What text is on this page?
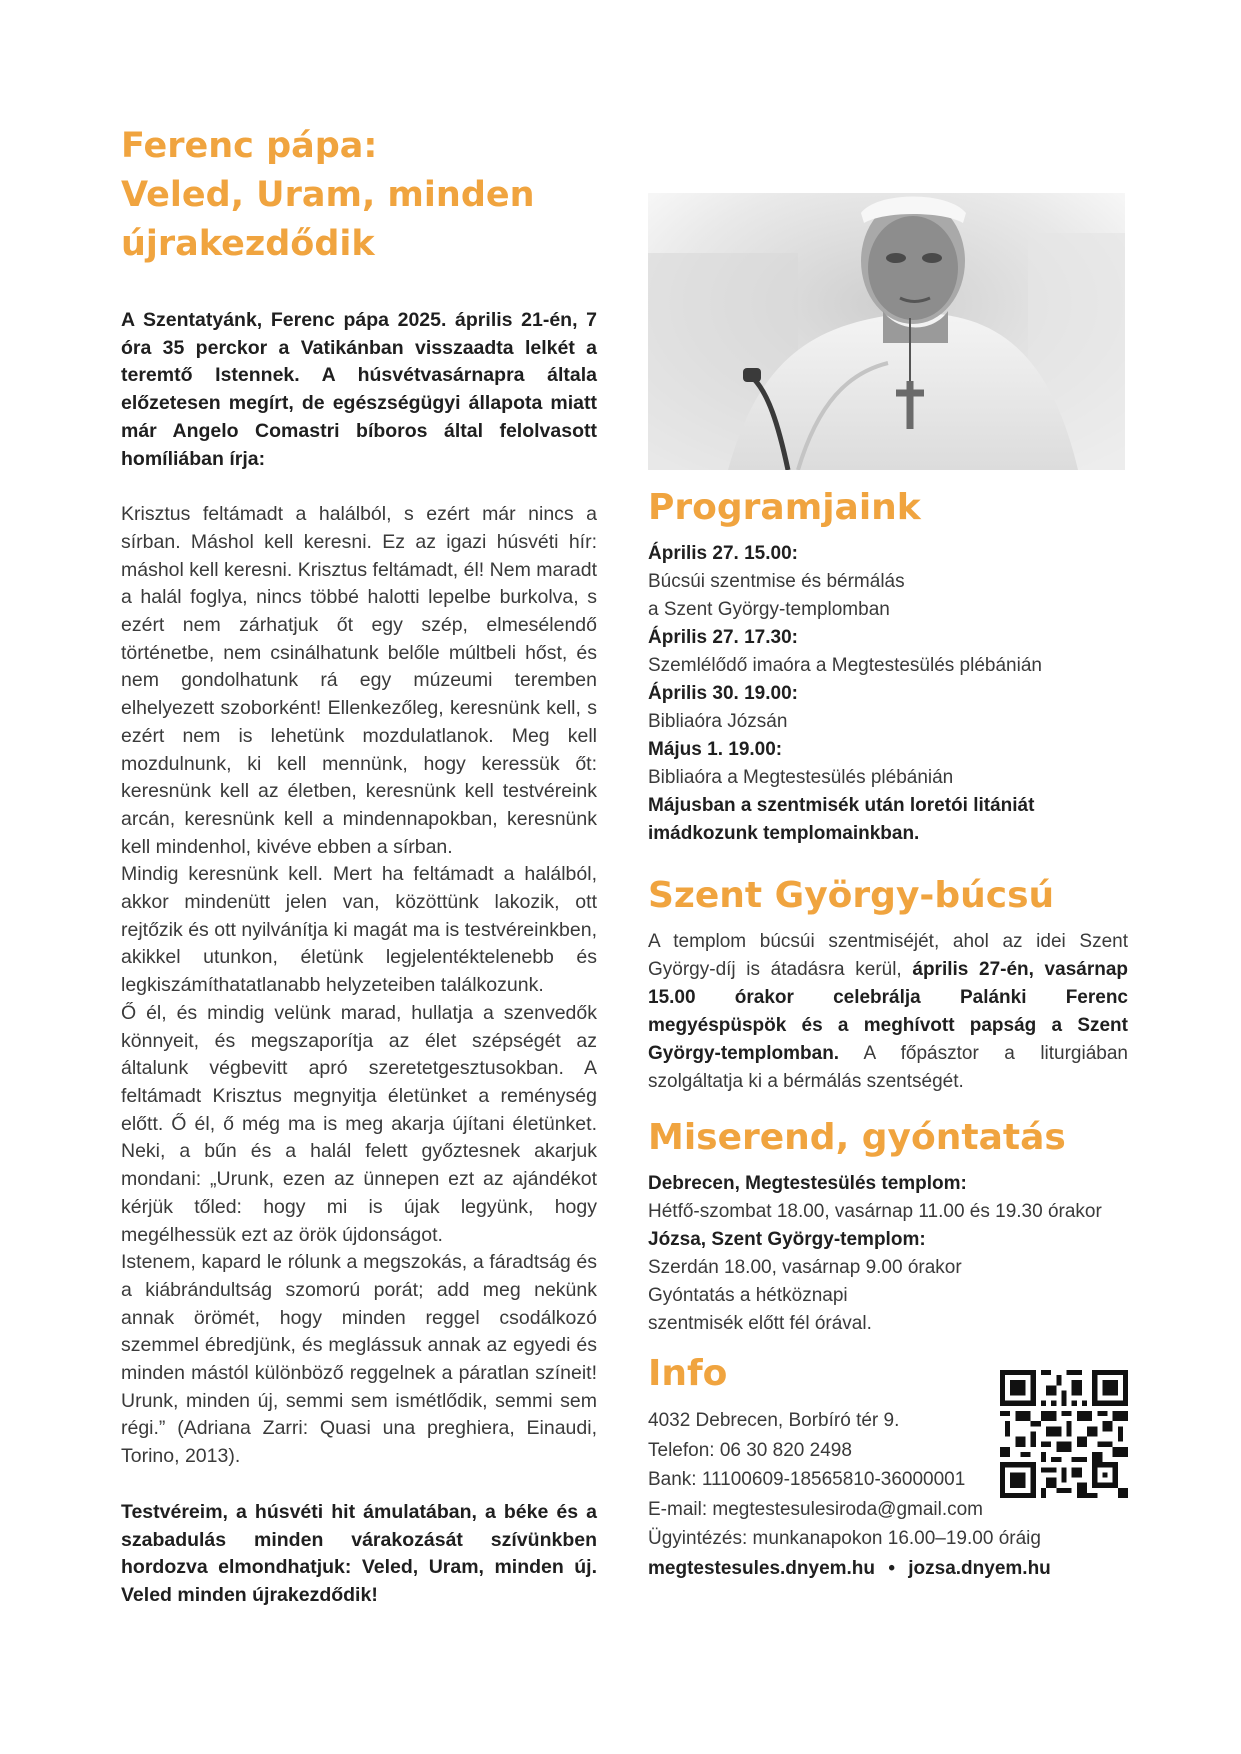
Ferenc pápa:
Veled, Uram, minden
újrakezdődik

A Szentatyánk, Ferenc pápa 2025. április 21-én, 7 óra 35 perckor a Vatikánban visszaadta lelkét a teremtő Istennek. A húsvétvasárnapra általa előzetesen megírt, de egészségügyi állapota miatt már Angelo Comastri bíboros által felolvasott homíliában írja:

Krisztus feltámadt a halálból, s ezért már nincs a sírban. Máshol kell keresni. Ez az igazi húsvéti hír: máshol kell keresni. Krisztus feltámadt, él! Nem maradt a halál foglya, nincs többé halotti lepelbe burkolva, s ezért nem zárhatjuk őt egy szép, elmesélendő történetbe, nem csinálhatunk belőle múltbeli hőst, és nem gondolhatunk rá egy múzeumi teremben elhelyezett szoborként! Ellenkezőleg, keresnünk kell, s ezért nem is lehetünk mozdulatlanok. Meg kell mozdulnunk, ki kell mennünk, hogy keressük őt: keresnünk kell az életben, keresnünk kell testvéreink arcán, keresnünk kell a mindennapokban, keresnünk kell mindenhol, kivéve ebben a sírban.

Mindig keresnünk kell. Mert ha feltámadt a halálból, akkor mindenütt jelen van, közöttünk lakozik, ott rejtőzik és ott nyilvánítja ki magát ma is testvéreinkben, akikkel utunkon, életünk legjelentéktelenebb és legkiszámíthatatlanabb helyzeteiben találkozunk.

Ő él, és mindig velünk marad, hullatja a szenvedők könnyeit, és megszaporítja az élet szépségét az általunk végbevitt apró szeretetgesztusokban. A feltámadt Krisztus megnyitja életünket a reménység előtt. Ő él, ő még ma is meg akarja újítani életünket. Neki, a bűn és a halál felett győztesnek akarjuk mondani: „Urunk, ezen az ünnepen ezt az ajándékot kérjük tőled: hogy mi is újak legyünk, hogy megélhessük ezt az örök újdonságot.

Istenem, kapard le rólunk a megszokás, a fáradtság és a kiábrándultság szomorú porát; add meg nekünk annak örömét, hogy minden reggel csodálkozó szemmel ébredjünk, és meglássuk annak az egyedi és minden mástól különböző reggelnek a páratlan színeit! Urunk, minden új, semmi sem ismétlődik, semmi sem régi.” (Adriana Zarri: Quasi una preghiera, Einaudi, Torino, 2013).

Testvéreim, a húsvéti hit ámulatában, a béke és a szabadulás minden várakozását szívünkben hordozva elmondhatjuk: Veled, Uram, minden új. Veled minden újrakezdődik!

Programjaink
Április 27. 15.00:
Búcsúi szentmise és bérmálás
a Szent György-templomban
Április 27. 17.30:
Szemlélődő imaóra a Megtestesülés plébánián
Április 30. 19.00:
Bibliaóra Józsán
Május 1. 19.00:
Bibliaóra a Megtestesülés plébánián
Májusban a szentmisék után loretói litániát imádkozunk templomainkban.
Szent György-búcsú
A templom búcsúi szentmiséjét, ahol az idei Szent György-díj is átadásra kerül, április 27-én, vasárnap 15.00 órakor celebrálja Palánki Ferenc megyéspüspök és a meghívott papság a Szent György-templomban. A főpásztor a liturgiában szolgáltatja ki a bérmálás szentségét.
Miserend, gyóntatás
Debrecen, Megtestesülés templom:
Hétfő-szombat 18.00, vasárnap 11.00 és 19.30 órakor
Józsa, Szent György-templom:
Szerdán 18.00, vasárnap 9.00 órakor
Gyóntatás a hétköznapi
szentmisék előtt fél órával.
Info
4032 Debrecen, Borbíró tér 9.
Telefon: 06 30 820 2498
Bank: 11100609-18565810-36000001
E-mail: megtestesulesiroda@gmail.com
Ügyintézés: munkanapokon 16.00–19.00 óráig
megtestesules.dnyem.hu • jozsa.dnyem.hu
